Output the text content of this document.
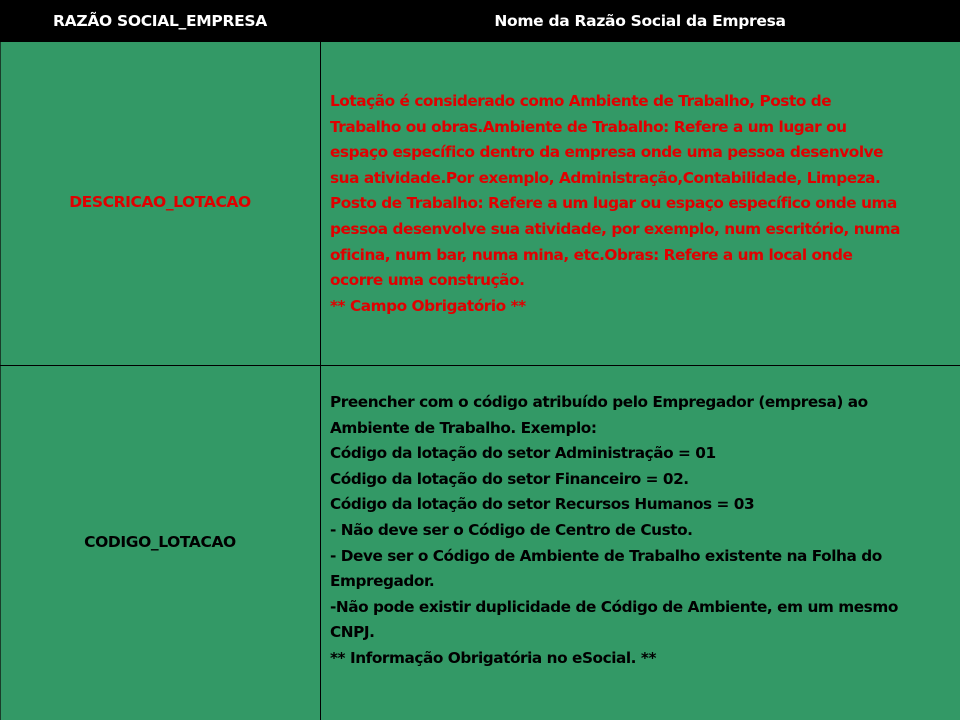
RAZÃO SOCIAL_EMPRESA	Nome da Razão Social da Empresa
DESCRICAO_LOTACAO
Lotação é considerado como Ambiente de Trabalho, Posto de
Trabalho ou obras.Ambiente de Trabalho: Refere a um lugar ou
espaço específico dentro da empresa onde uma pessoa desenvolve
sua atividade.Por exemplo, Administração,Contabilidade, Limpeza.
Posto de Trabalho: Refere a um lugar ou espaço específico onde uma
pessoa desenvolve sua atividade, por exemplo, num escritório, numa
oficina, num bar, numa mina, etc.Obras: Refere a um local onde
ocorre uma construção.
** Campo Obrigatório **
CODIGO_LOTACAO
Preencher com o código atribuído pelo Empregador (empresa) ao
Ambiente de Trabalho. Exemplo:
Código da lotação do setor Administração = 01
Código da lotação do setor Financeiro = 02.
Código da lotação do setor Recursos Humanos = 03
- Não deve ser o Código de Centro de Custo.
- Deve ser o Código de Ambiente de Trabalho existente na Folha do
Empregador.
-Não pode existir duplicidade de Código de Ambiente, em um mesmo
CNPJ.
** Informação Obrigatória no eSocial. **
